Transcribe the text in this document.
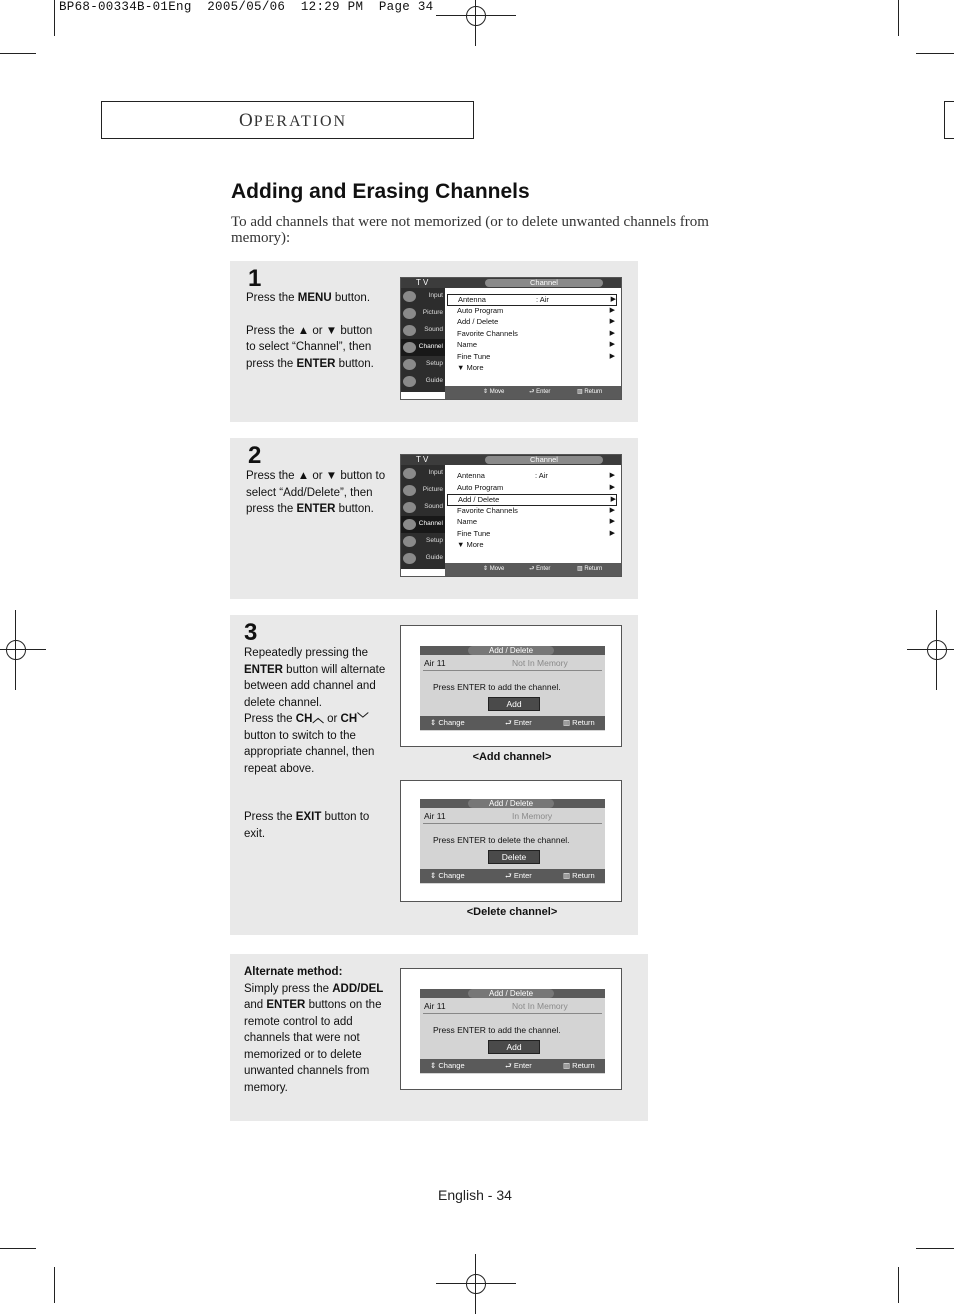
BP68-00334B-01Eng  2005/05/06  12:29 PM  Page 34
OPERATION
Adding and Erasing Channels
To add channels that were not memorized (or to delete unwanted channels from memory):
1
Press the MENU button.
Press the ▲ or ▼ button
to select “Channel”, then
press the ENTER button.
T V	Channel
Input
Picture
Sound
Channel
Setup
Guide
Antenna	: Air	▶
Auto Program	▶
Add / Delete	▶
Favorite Channels	▶
Name	▶
Fine Tune	▶
▼ More
⇕ Move	⮐ Enter	▥ Return
2
Press the ▲ or ▼ button to
select “Add/Delete”, then
press the ENTER button.
T V	Channel
Input
Picture
Sound
Channel
Setup
Guide
Antenna	: Air	▶
Auto Program	▶
Add / Delete	▶
Favorite Channels	▶
Name	▶
Fine Tune	▶
▼ More
⇕ Move	⮐ Enter	▥ Return
3
Repeatedly pressing the
ENTER button will alternate
between add channel and
delete channel.
Press the CH︿ or CH﹀
button to switch to the
appropriate channel, then
repeat above.
Press the EXIT button to
exit.
Add / Delete
Air 11	Not In Memory
Press ENTER to add the channel.
Add
⇕ Change	⮐ Enter	▥ Return
<Add channel>
Add / Delete
Air 11	In Memory
Press ENTER to delete the channel.
Delete
⇕ Change	⮐ Enter	▥ Return
<Delete channel>
Alternate method:
Simply press the ADD/DEL
and ENTER buttons on the
remote control to add
channels that were not
memorized or to delete
unwanted channels from
memory.
Add / Delete
Air 11	Not In Memory
Press ENTER to add the channel.
Add
⇕ Change	⮐ Enter	▥ Return
English - 34
